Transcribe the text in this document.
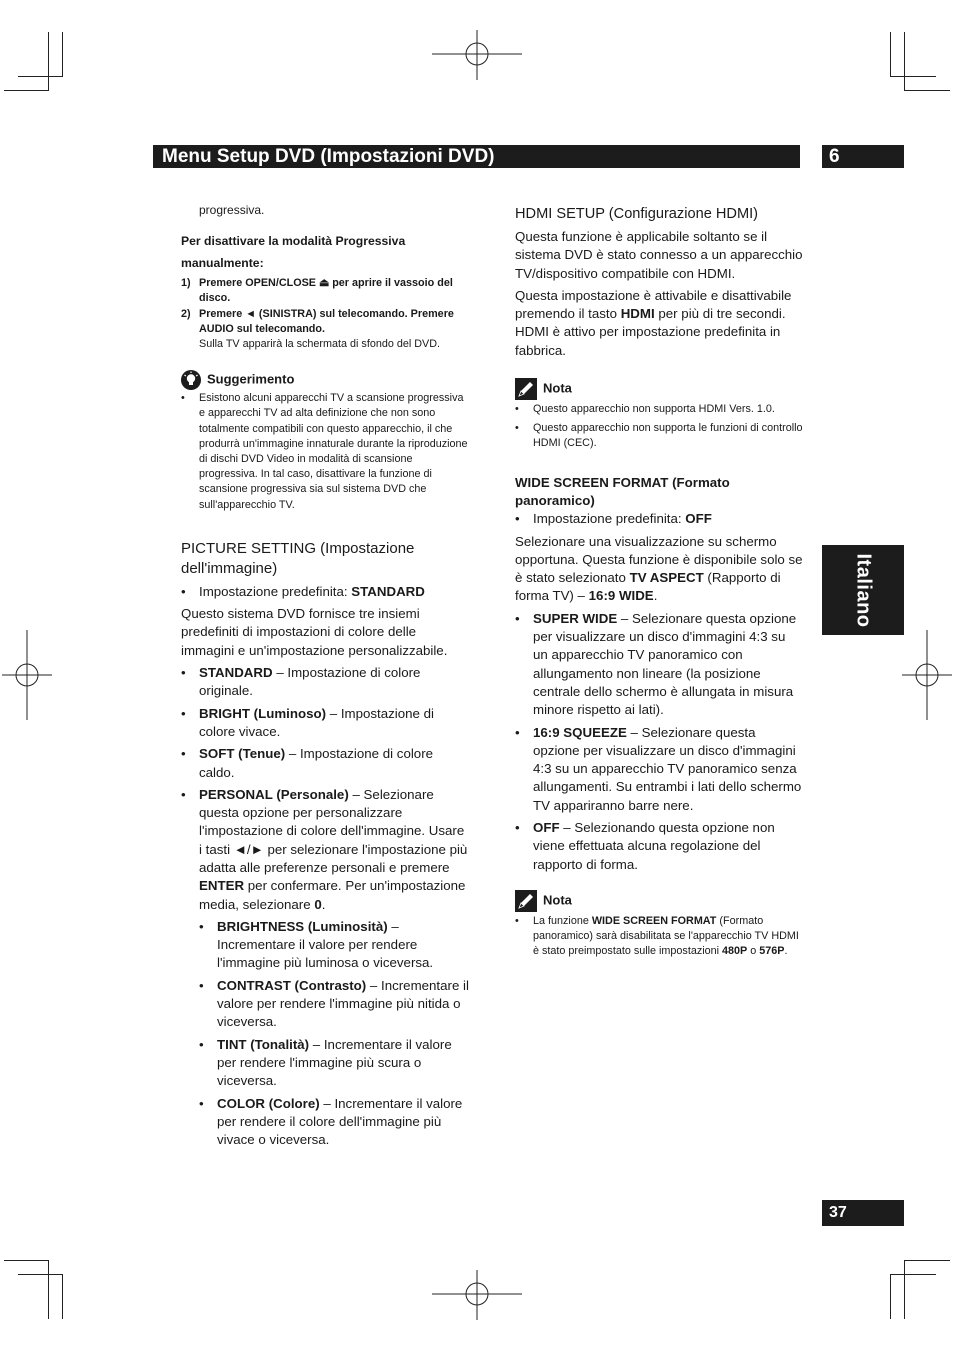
Menu Setup DVD (Impostazioni DVD)	6
Italiano
37

progressiva.

Per disattivare la modalità Progressiva manualmente:

1) Premere OPEN/CLOSE ⏏ per aprire il vassoio del disco.
2) Premere ◄ (SINISTRA) sul telecomando. Premere AUDIO sul telecomando.

Sulla TV apparirà la schermata di sfondo del DVD.

Suggerimento
• Esistono alcuni apparecchi TV a scansione progressiva e apparecchi TV ad alta definizione che non sono totalmente compatibili con questo apparecchio, il che produrrà un'immagine innaturale durante la riproduzione di dischi DVD Video in modalità di scansione progressiva. In tal caso, disattivare la funzione di scansione progressiva sia sul sistema DVD che sull'apparecchio TV.

PICTURE SETTING (Impostazione dell'immagine)

• Impostazione predefinita: STANDARD

Questo sistema DVD fornisce tre insiemi predefiniti di impostazioni di colore delle immagini e un'impostazione personalizzabile.

• STANDARD – Impostazione di colore originale.
• BRIGHT (Luminoso) – Impostazione di colore vivace.
• SOFT (Tenue) – Impostazione di colore caldo.
• PERSONAL (Personale) – Selezionare questa opzione per personalizzare l'impostazione di colore dell'immagine. Usare i tasti ◄/► per selezionare l'impostazione più adatta alle preferenze personali e premere ENTER per confermare. Per un'impostazione media, selezionare 0.
• BRIGHTNESS (Luminosità) – Incrementare il valore per rendere l'immagine più luminosa o viceversa.
• CONTRAST (Contrasto) – Incrementare il valore per rendere l'immagine più nitida o viceversa.
• TINT (Tonalità) – Incrementare il valore per rendere l'immagine più scura o viceversa.
• COLOR (Colore) – Incrementare il valore per rendere il colore dell'immagine più vivace o viceversa.

HDMI SETUP (Configurazione HDMI)

Questa funzione è applicabile soltanto se il sistema DVD è stato connesso a un apparecchio TV/dispositivo compatibile con HDMI.

Questa impostazione è attivabile e disattivabile premendo il tasto HDMI per più di tre secondi. HDMI è attivo per impostazione predefinita in fabbrica.

Nota
• Questo apparecchio non supporta HDMI Vers. 1.0.
• Questo apparecchio non supporta le funzioni di controllo HDMI (CEC).

WIDE SCREEN FORMAT (Formato panoramico)

• Impostazione predefinita: OFF

Selezionare una visualizzazione su schermo opportuna. Questa funzione è disponibile solo se è stato selezionato TV ASPECT (Rapporto di forma TV) – 16:9 WIDE.

• SUPER WIDE – Selezionare questa opzione per visualizzare un disco d'immagini 4:3 su un apparecchio TV panoramico con allungamento non lineare (la posizione centrale dello schermo è allungata in misura minore rispetto ai lati).
• 16:9 SQUEEZE – Selezionare questa opzione per visualizzare un disco d'immagini 4:3 su un apparecchio TV panoramico senza allungamenti. Su entrambi i lati dello schermo TV appariranno barre nere.
• OFF – Selezionando questa opzione non viene effettuata alcuna regolazione del rapporto di forma.
Nota
• La funzione WIDE SCREEN FORMAT (Formato panoramico) sarà disabilitata se l'apparecchio TV HDMI è stato preimpostato sulle impostazioni 480P o 576P.
